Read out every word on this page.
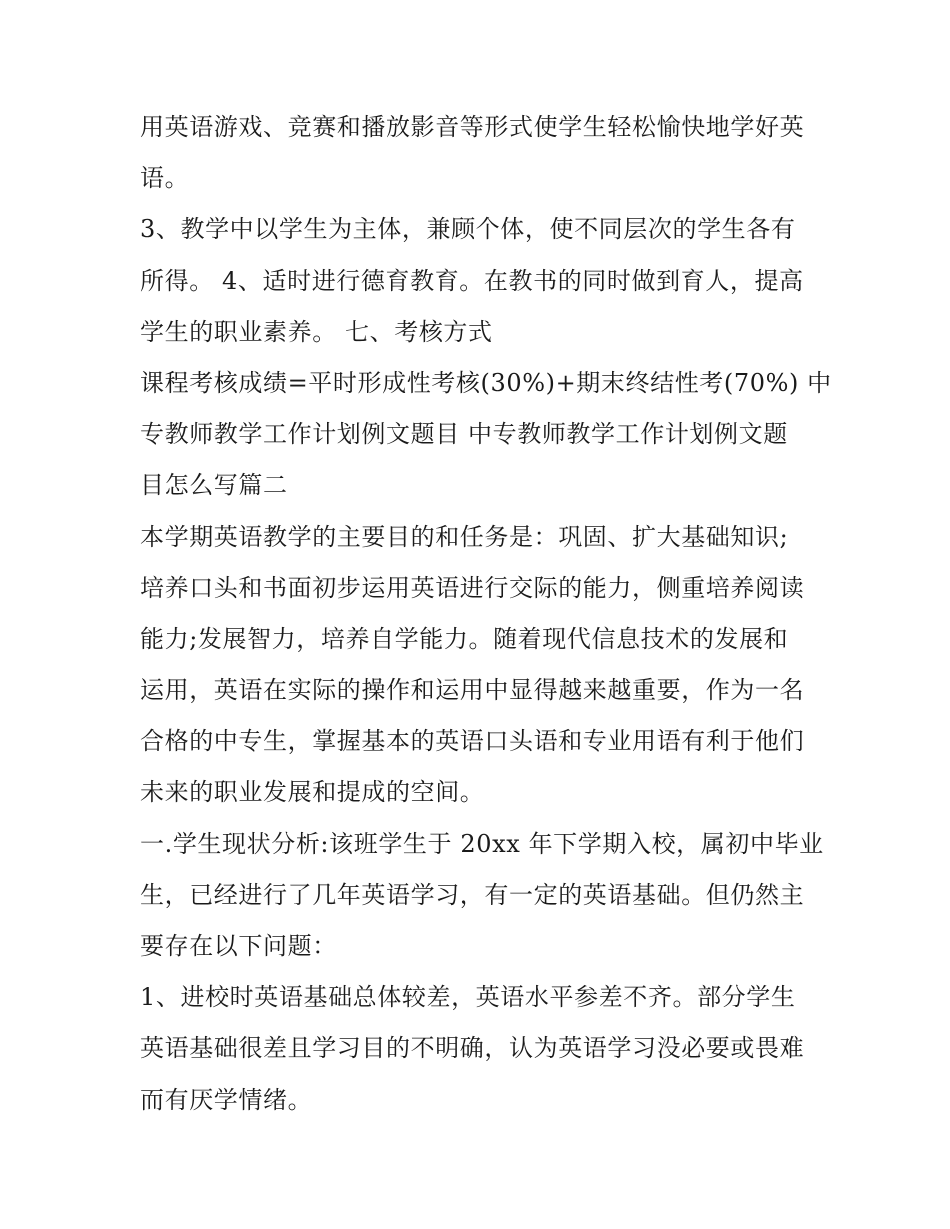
用英语游戏、竞赛和播放影音等形式使学生轻松愉快地学好英
语。
3、教学中以学生为主体，兼顾个体，使不同层次的学生各有
所得。 4、适时进行德育教育。在教书的同时做到育人，提高
学生的职业素养。 七、考核方式
课程考核成绩=平时形成性考核(30%)+期末终结性考(70%) 中
专教师教学工作计划例文题目 中专教师教学工作计划例文题
目怎么写篇二
本学期英语教学的主要目的和任务是：巩固、扩大基础知识;
培养口头和书面初步运用英语进行交际的能力，侧重培养阅读
能力;发展智力，培养自学能力。随着现代信息技术的发展和
运用，英语在实际的操作和运用中显得越来越重要，作为一名
合格的中专生，掌握基本的英语口头语和专业用语有利于他们
未来的职业发展和提成的空间。
一.学生现状分析:该班学生于 20xx 年下学期入校，属初中毕业
生，已经进行了几年英语学习，有一定的英语基础。但仍然主
要存在以下问题：
1、进校时英语基础总体较差，英语水平参差不齐。部分学生
英语基础很差且学习目的不明确，认为英语学习没必要或畏难
而有厌学情绪。
